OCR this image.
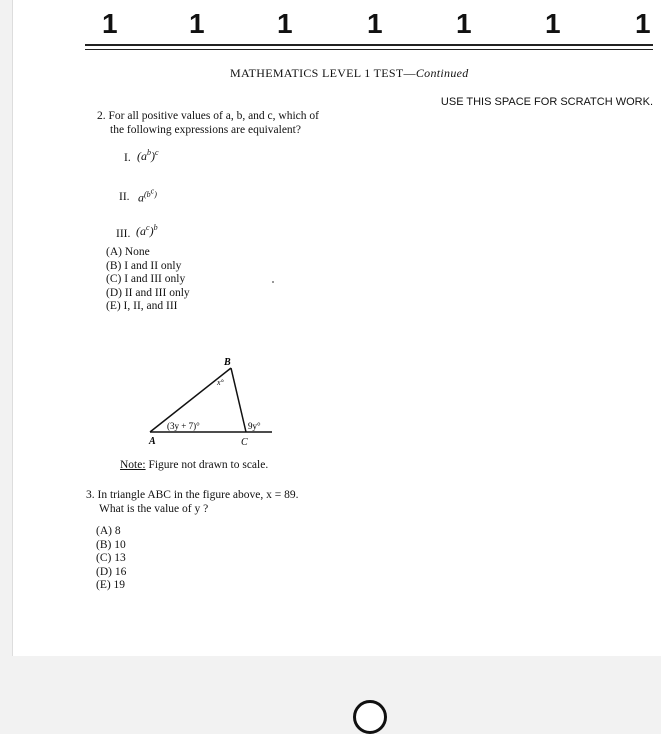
1	1	1	1	1	1	1
MATHEMATICS LEVEL 1 TEST—Continued
USE THIS SPACE FOR SCRATCH WORK.
2. For all positive values of a, b, and c, which of
the following expressions are equivalent?
I. $(a^b)^c$
II. $a^{(b^c)}$
III. $(a^c)^b$
(A) None
(B) I and II only
(C) I and III only
(D) II and III only
(E) I, II, and III
B
A	C
x°
(3y + 7)°	9y°
Note: Figure not drawn to scale.
3. In triangle ABC in the figure above, x = 89.
What is the value of y ?
(A) 8
(B) 10
(C) 13
(D) 16
(E) 19
